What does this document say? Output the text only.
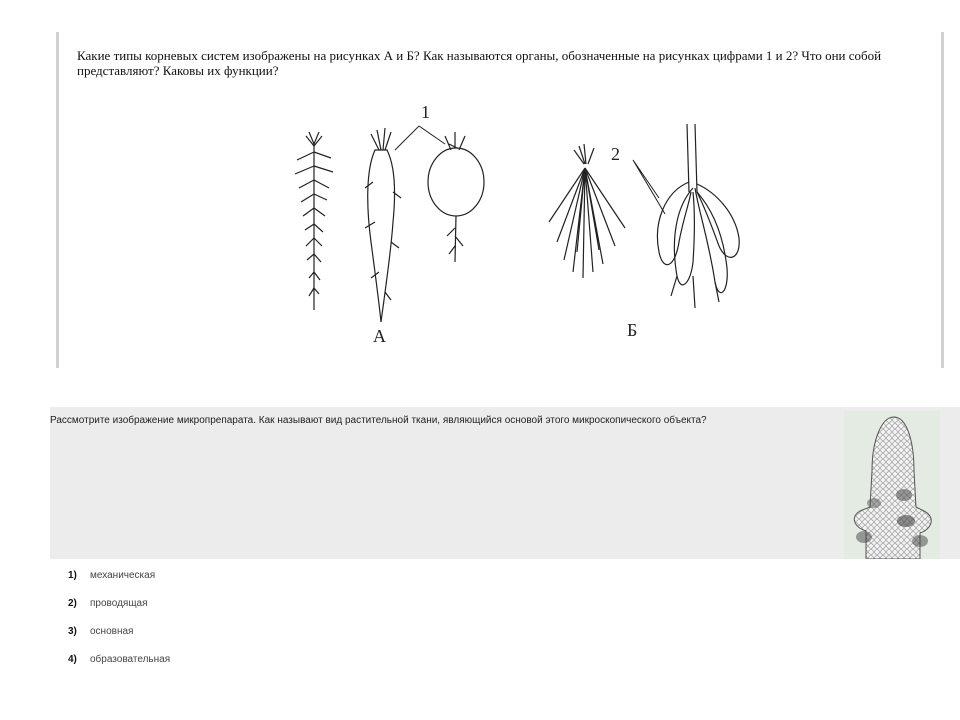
Какие типы корневых систем изображены на рисунках А и Б? Как называются органы, обозначенные на рисунках цифрами 1 и 2? Что они собой представляют? Каковы их функции?
1
2
А	Б
Рассмотрите изображение микропрепарата. Как называют вид растительной ткани, являющийся основой этого микроскопического объекта?
1)	механическая
2)	проводящая
3)	основная
4)	образовательная
